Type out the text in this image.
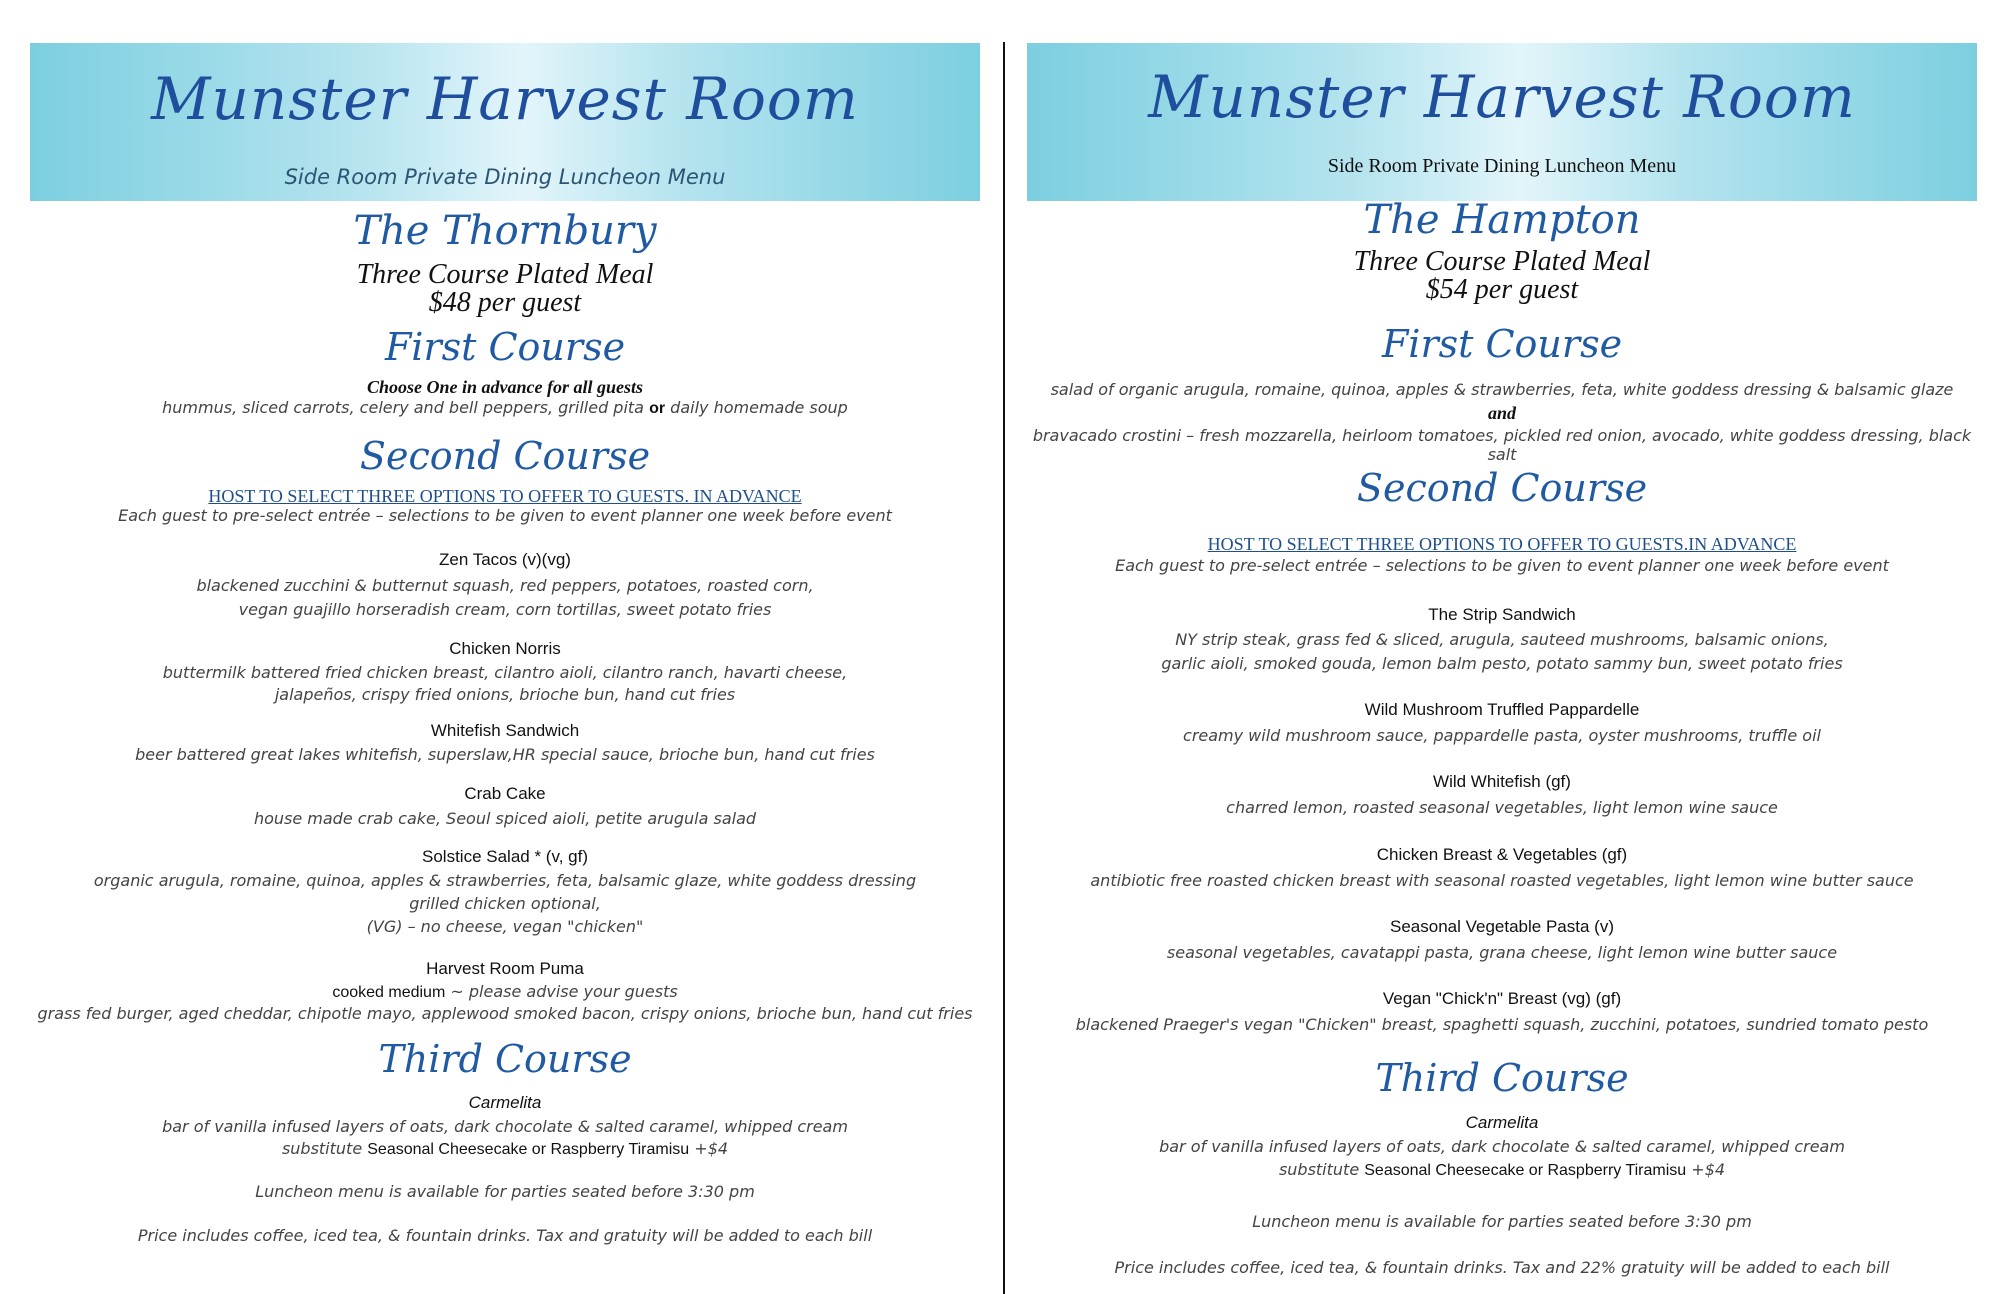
Munster Harvest Room
Side Room Private Dining Luncheon Menu
The Thornbury
Three Course Plated Meal
$48 per guest
First Course
Choose One in advance for all guests
hummus, sliced carrots, celery and bell peppers, grilled pita or daily homemade soup
Second Course
HOST TO SELECT THREE OPTIONS TO OFFER TO GUESTS. IN ADVANCE
Each guest to pre-select entrée – selections to be given to event planner one week before event
Zen Tacos (v)(vg)
blackened zucchini & butternut squash, red peppers, potatoes, roasted corn,
vegan guajillo horseradish cream, corn tortillas, sweet potato fries
Chicken Norris
buttermilk battered fried chicken breast, cilantro aioli, cilantro ranch, havarti cheese,
jalapeños, crispy fried onions, brioche bun, hand cut fries
Whitefish Sandwich
beer battered great lakes whitefish, superslaw,HR special sauce, brioche bun, hand cut fries
Crab Cake
house made crab cake, Seoul spiced aioli, petite arugula salad
Solstice Salad * (v, gf)
organic arugula, romaine, quinoa, apples & strawberries, feta, balsamic glaze, white goddess dressing
grilled chicken optional,
(VG) – no cheese, vegan "chicken"
Harvest Room Puma
cooked medium ~ please advise your guests
grass fed burger, aged cheddar, chipotle mayo, applewood smoked bacon, crispy onions, brioche bun, hand cut fries
Third Course
Carmelita
bar of vanilla infused layers of oats, dark chocolate & salted caramel, whipped cream
substitute Seasonal Cheesecake or Raspberry Tiramisu +$4
Luncheon menu is available for parties seated before 3:30 pm
Price includes coffee, iced tea, & fountain drinks. Tax and gratuity will be added to each bill
Munster Harvest Room
Side Room Private Dining Luncheon Menu
The Hampton
Three Course Plated Meal
$54 per guest
First Course
salad of organic arugula, romaine, quinoa, apples & strawberries, feta, white goddess dressing & balsamic glaze
and
bravacado crostini – fresh mozzarella, heirloom tomatoes, pickled red onion, avocado, white goddess dressing, black salt
Second Course
HOST TO SELECT THREE OPTIONS TO OFFER TO GUESTS.IN ADVANCE
Each guest to pre-select entrée – selections to be given to event planner one week before event
The Strip Sandwich
NY strip steak, grass fed & sliced, arugula, sauteed mushrooms, balsamic onions,
garlic aioli, smoked gouda, lemon balm pesto, potato sammy bun, sweet potato fries
Wild Mushroom Truffled Pappardelle
creamy wild mushroom sauce, pappardelle pasta, oyster mushrooms, truffle oil
Wild Whitefish (gf)
charred lemon, roasted seasonal vegetables, light lemon wine sauce
Chicken Breast & Vegetables (gf)
antibiotic free roasted chicken breast with seasonal roasted vegetables, light lemon wine butter sauce
Seasonal Vegetable Pasta (v)
seasonal vegetables, cavatappi pasta, grana cheese, light lemon wine butter sauce
Vegan "Chick'n" Breast (vg) (gf)
blackened Praeger's vegan "Chicken" breast, spaghetti squash, zucchini, potatoes, sundried tomato pesto
Third Course
Carmelita
bar of vanilla infused layers of oats, dark chocolate & salted caramel, whipped cream
substitute Seasonal Cheesecake or Raspberry Tiramisu +$4
Luncheon menu is available for parties seated before 3:30 pm
Price includes coffee, iced tea, & fountain drinks. Tax and 22% gratuity will be added to each bill
